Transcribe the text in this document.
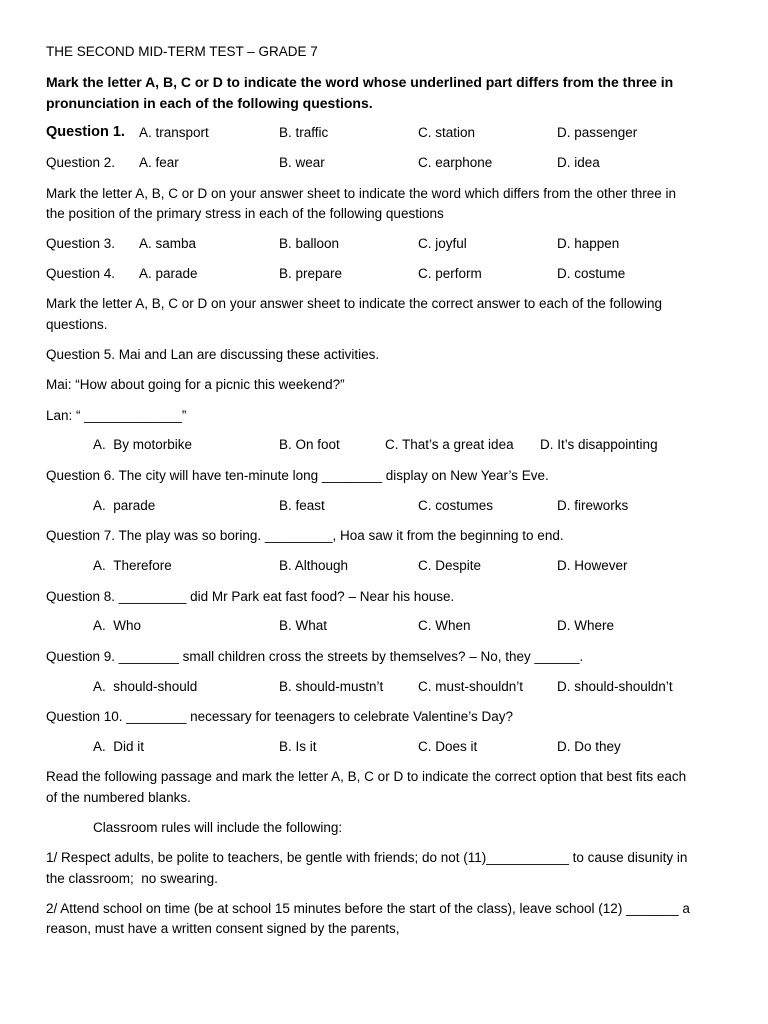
THE SECOND MID-TERM TEST – GRADE 7
Mark the letter A, B, C or D to indicate the word whose underlined part differs from the three in
pronunciation in each of the following questions.
Question 1. A. transport	B. traffic	C. station	D. passenger
Question 2. A. fear	B. wear	C. earphone	D. idea
Mark the letter A, B, C or D on your answer sheet to indicate the word which differs from the other three in
the position of the primary stress in each of the following questions
Question 3. A. samba	B. balloon	C. joyful	D. happen
Question 4. A. parade	B. prepare	C. perform	D. costume
Mark the letter A, B, C or D on your answer sheet to indicate the correct answer to each of the following
questions.
Question 5. Mai and Lan are discussing these activities.
Mai: “How about going for a picnic this weekend?”
Lan: “ _____________”
A.  By motorbike	B. On foot	C. That’s a great idea D. It’s disappointing
Question 6. The city will have ten-minute long ________ display on New Year’s Eve.
A.  parade	B. feast	C. costumes	D. fireworks
Question 7. The play was so boring. _________, Hoa saw it from the beginning to end.
A.  Therefore	B. Although	C. Despite	D. However
Question 8. _________ did Mr Park eat fast food? – Near his house.
A.  Who	B. What	C. When	D. Where
Question 9. ________ small children cross the streets by themselves? – No, they ______.
A.  should-should	B. should-mustn’t	C. must-shouldn’t	D. should-shouldn’t
Question 10. ________ necessary for teenagers to celebrate Valentine’s Day?
A.  Did it	B. Is it	C. Does it	D. Do they
Read the following passage and mark the letter A, B, C or D to indicate the correct option that best fits each
of the numbered blanks.
Classroom rules will include the following:
1/ Respect adults, be polite to teachers, be gentle with friends; do not (11)___________ to cause disunity in
the classroom;  no swearing.
2/ Attend school on time (be at school 15 minutes before the start of the class), leave school (12) _______ a
reason, must have a written consent signed by the parents,
